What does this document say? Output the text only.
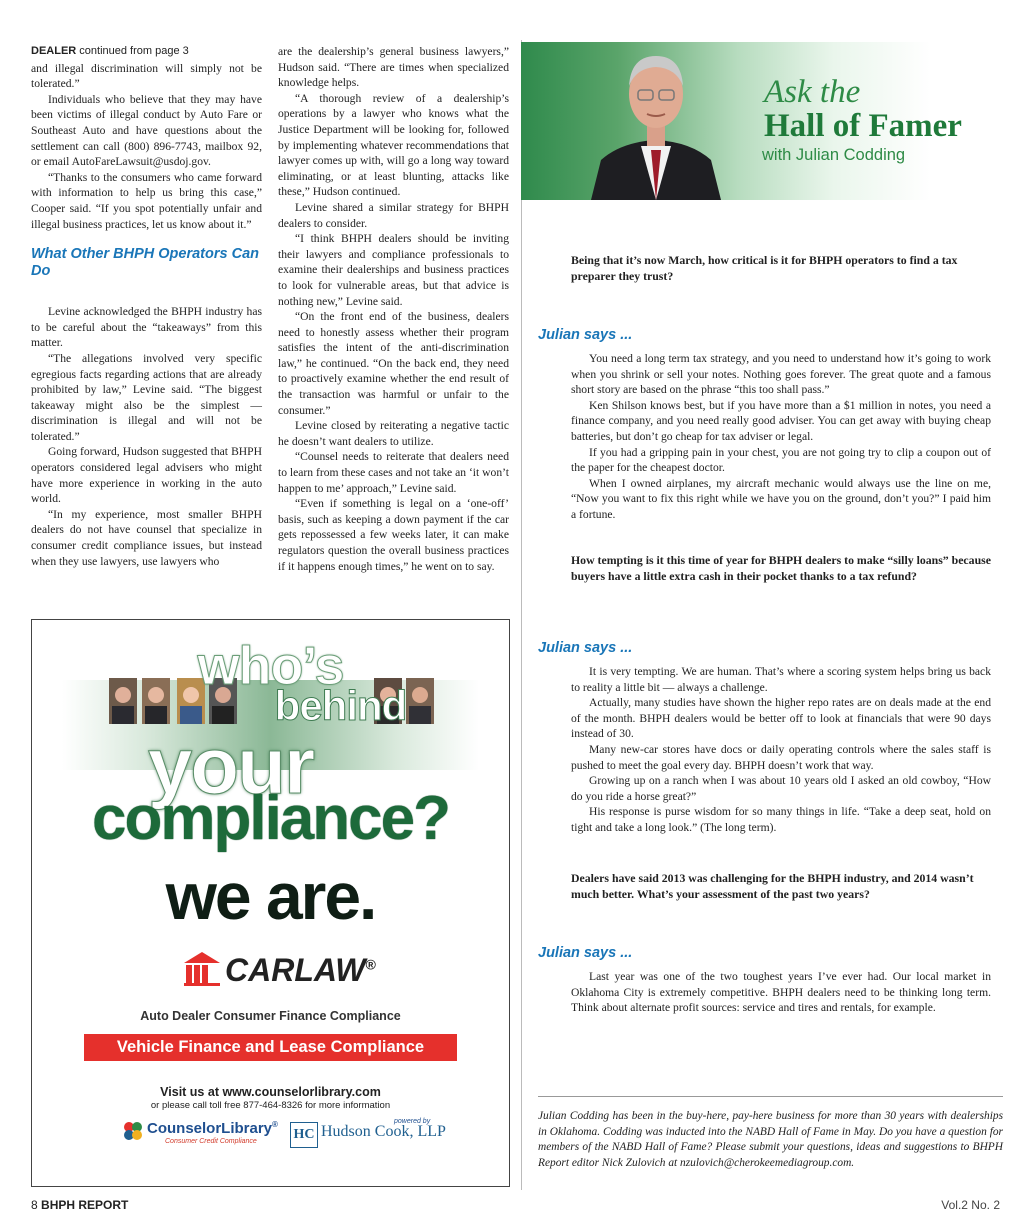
DEALER continued from page 3

and illegal discrimination will simply not be tolerated.”

Individuals who believe that they may have been victims of illegal conduct by Auto Fare or Southeast Auto and have questions about the settlement can call (800) 896-7743, mailbox 92, or email AutoFareLawsuit@usdoj.gov.

“Thanks to the consumers who came forward with information to help us bring this case,” Cooper said. “If you spot potentially unfair and illegal business practices, let us know about it.”

What Other BHPH Operators Can Do

Levine acknowledged the BHPH industry has to be careful about the “takeaways” from this matter.

“The allegations involved very specific egregious facts regarding actions that are already prohibited by law,” Levine said. “The biggest takeaway might also be the simplest — discrimination is illegal and will not be tolerated.”

Going forward, Hudson suggested that BHPH operators considered legal advisers who might have more experience in working in the auto world.

“In my experience, most smaller BHPH dealers do not have counsel that specialize in consumer credit compliance issues, but instead when they use lawyers, use lawyers who

are the dealership’s general business lawyers,” Hudson said. “There are times when specialized knowledge helps.

“A thorough review of a dealership’s operations by a lawyer who knows what the Justice Department will be looking for, followed by implementing whatever recommendations that lawyer comes up with, will go a long way toward eliminating, or at least blunting, attacks like these,” Hudson continued.

Levine shared a similar strategy for BHPH dealers to consider.

“I think BHPH dealers should be inviting their lawyers and compliance professionals to examine their dealerships and business practices to look for vulnerable areas, but that advice is nothing new,” Levine said.

“On the front end of the business, dealers need to honestly assess whether their program satisfies the intent of the anti-discrimination law,” he continued. “On the back end, they need to proactively examine whether the end result of the transaction was harmful or unfair to the consumer.”

Levine closed by reiterating a negative tactic he doesn’t want dealers to utilize.

“Counsel needs to reiterate that dealers need to learn from these cases and not take an ‘it won’t happen to me’ approach,” Levine said.

“Even if something is legal on a ‘one-off’ basis, such as keeping a down payment if the car gets repossessed a few weeks later, it can make regulators question the overall business practices if it happens enough times,” he went on to say.

Ask the
Hall of Famer
with Julian Codding
Being that it’s now March, how critical is it for BHPH operators to find a tax preparer they trust?
Julian says ...

You need a long term tax strategy, and you need to understand how it’s going to work when you shrink or sell your notes. Nothing goes forever. The great quote and a famous short story are based on the phrase “this too shall pass.”

Ken Shilson knows best, but if you have more than a $1 million in notes, you need a finance company, and you need really good adviser. You can get away with buying cheap batteries, but don’t go cheap for tax adviser or legal.

If you had a gripping pain in your chest, you are not going try to clip a coupon out of the paper for the cheapest doctor.

When I owned airplanes, my aircraft mechanic would always use the line on me, “Now you want to fix this right while we have you on the ground, don’t you?” I paid him a fortune.

How tempting is it this time of year for BHPH dealers to make “silly loans” because buyers have a little extra cash in their pocket thanks to a tax refund?
Julian says ...

It is very tempting. We are human. That’s where a scoring system helps bring us back to reality a little bit — always a challenge.

Actually, many studies have shown the higher repo rates are on deals made at the end of the month. BHPH dealers would be better off to look at financials that were 90 days instead of 30.

Many new-car stores have docs or daily operating controls where the sales staff is pushed to meet the goal every day. BHPH doesn’t work that way.

Growing up on a ranch when I was about 10 years old I asked an old cowboy, “How do you ride a horse great?”

His response is purse wisdom for so many things in life. “Take a deep seat, hold on tight and take a long look.” (The long term).

Dealers have said 2013 was challenging for the BHPH industry, and 2014 wasn’t much better. What’s your assessment of the past two years?
Julian says ...

Last year was one of the two toughest years I’ve ever had. Our local market in Oklahoma City is extremely competitive. BHPH dealers need to be thinking long term. Think about alternate profit sources: service and tires and rentals, for example.

Julian Codding has been in the buy-here, pay-here business for more than 30 years with dealerships in Oklahoma. Codding was inducted into the NABD Hall of Fame in May. Do you have a question for members of the NABD Hall of Fame? Please submit your questions, ideas and suggestions to BHPH Report editor Nick Zulovich at nzulovich@cherokeemediagroup.com.
who’s
behind
your
compliance?
we are.
CARLAW®
Auto Dealer Consumer Finance Compliance
Vehicle Finance and Lease Compliance
Visit us at www.counselorlibrary.com
or please call toll free 877-464-8326 for more information
CounselorLibrary®
Consumer Credit Compliance
powered by
HC Hudson Cook, LLP
8 BHPH REPORT	Vol.2 No. 2
